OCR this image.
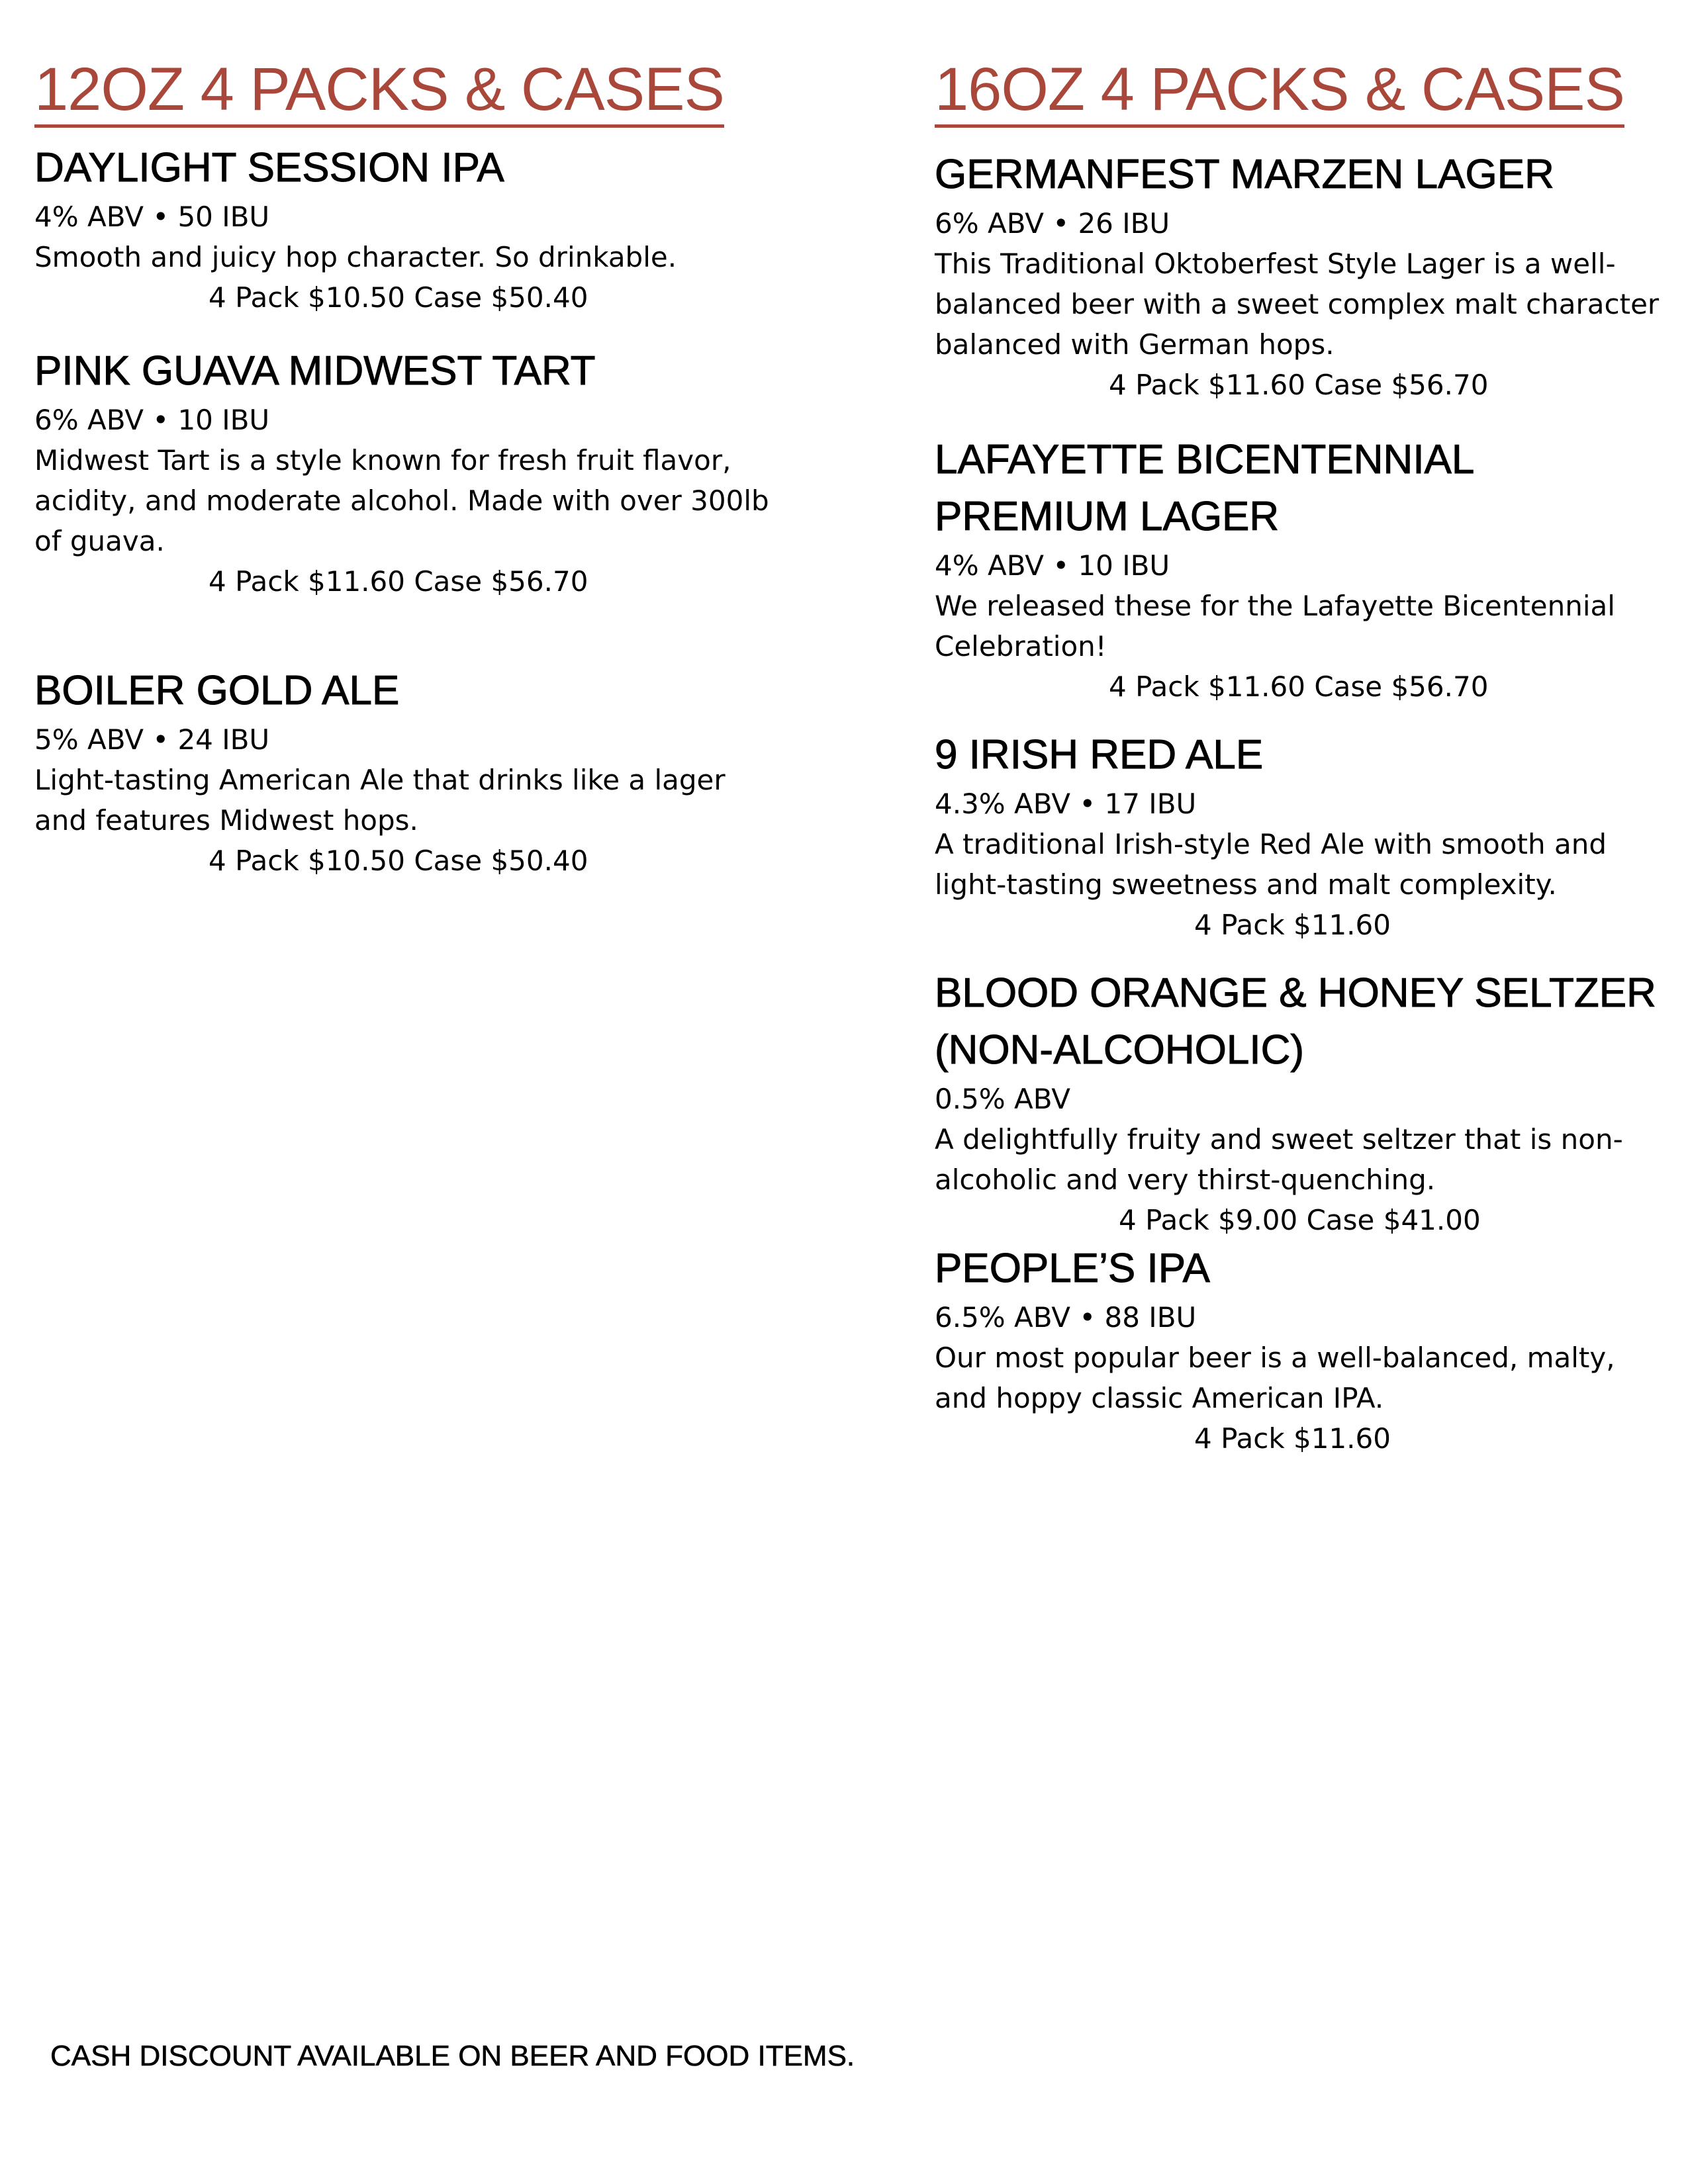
12OZ 4 PACKS & CASES
DAYLIGHT SESSION IPA
4% ABV • 50 IBU
Smooth and juicy hop character. So drinkable.
4 Pack $10.50 Case $50.40
PINK GUAVA MIDWEST TART
6% ABV • 10 IBU
Midwest Tart is a style known for fresh fruit flavor, acidity, and moderate alcohol. Made with over 300lb of guava.
4 Pack $11.60 Case $56.70
BOILER GOLD ALE
5% ABV • 24 IBU
Light-tasting American Ale that drinks like a lager and features Midwest hops.
4 Pack $10.50 Case $50.40
16OZ 4 PACKS & CASES
GERMANFEST MARZEN LAGER
6% ABV • 26 IBU
This Traditional Oktoberfest Style Lager is a well-balanced beer with a sweet complex malt character balanced with German hops.
4 Pack $11.60 Case $56.70
LAFAYETTE BICENTENNIAL PREMIUM LAGER
4% ABV • 10 IBU
We released these for the Lafayette Bicentennial Celebration!
4 Pack $11.60 Case $56.70
9 IRISH RED ALE
4.3% ABV • 17 IBU
A traditional Irish-style Red Ale with smooth and light-tasting sweetness and malt complexity.
4 Pack $11.60
BLOOD ORANGE & HONEY SELTZER (NON-ALCOHOLIC)
0.5% ABV
A delightfully fruity and sweet seltzer that is non-alcoholic and very thirst-quenching.
4 Pack $9.00 Case $41.00
PEOPLE’S IPA
6.5% ABV • 88 IBU
Our most popular beer is a well-balanced, malty, and hoppy classic American IPA.
4 Pack $11.60
CASH DISCOUNT AVAILABLE ON BEER AND FOOD ITEMS.
